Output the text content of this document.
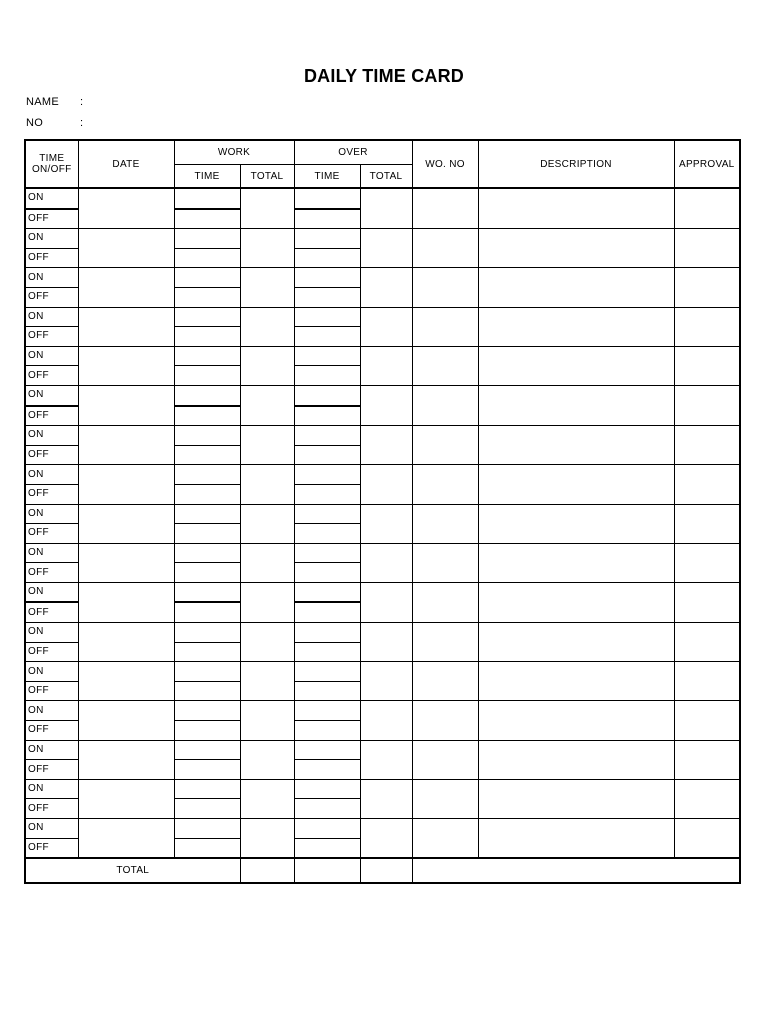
DAILY TIME CARD
NAME :
NO	:
TIME
ON/OFF	DATE	WORK		OVER		WO. NO	DESCRIPTION	APPROVAL
		TIME	TOTAL	TIME	TOTAL			
ON								
OFF								
ON								
OFF								
ON								
OFF								
ON								
OFF								
ON								
OFF								
ON								
OFF								
ON								
OFF								
ON								
OFF								
ON								
OFF								
ON								
OFF								
ON								
OFF								
ON								
OFF								
ON								
OFF								
ON								
OFF								
ON								
OFF								
ON								
OFF								
ON								
OFF								
TOTAL								
